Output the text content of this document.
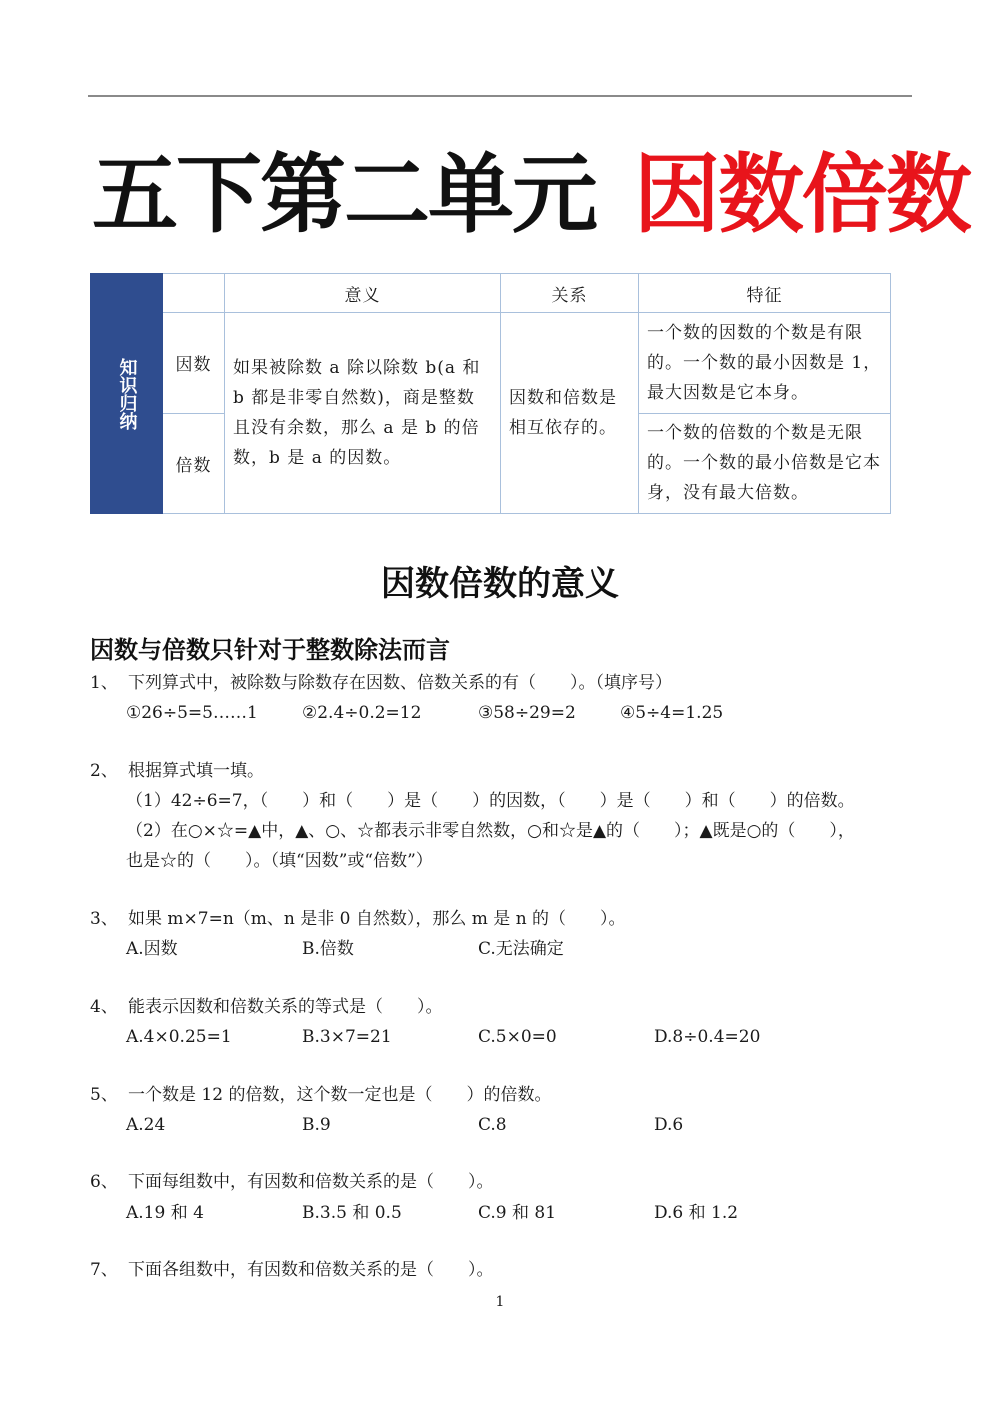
五下第二单元 因数倍数
知识归纳		意义	关系	特征
	因数	如果被除数 a 除以除数 b(a 和 b 都是非零自然数)，商是整数且没有余数，那么 a 是 b 的倍数，b 是 a 的因数。	因数和倍数是相互依存的。	一个数的因数的个数是有限的。一个数的最小因数是 1，最大因数是它本身。
	倍数			一个数的倍数的个数是无限的。一个数的最小倍数是它本身，没有最大倍数。
因数倍数的意义
因数与倍数只针对于整数除法而言
1、 下列算式中，被除数与除数存在因数、倍数关系的有（　　）。（填序号）
①26÷5=5……1	②2.4÷0.2=12	③58÷29=2	④5÷4=1.25
2、 根据算式填一填。
（1）42÷6=7，（　　）和（　　）是（　　）的因数，（　　）是（　　）和（　　）的倍数。
（2）在○×☆=▲中，▲、○、☆都表示非零自然数，○和☆是▲的（　　）；▲既是○的（　　），
也是☆的（　　）。（填“因数”或“倍数”）
3、 如果 m×7=n（m、n 是非 0 自然数），那么 m 是 n 的（　　）。
A.因数	B.倍数	C.无法确定
4、 能表示因数和倍数关系的等式是（　　）。
A.4×0.25=1	B.3×7=21	C.5×0=0	D.8÷0.4=20
5、 一个数是 12 的倍数，这个数一定也是（　　）的倍数。
A.24	B.9	C.8	D.6
6、 下面每组数中，有因数和倍数关系的是（　　）。
A.19 和 4	B.3.5 和 0.5	C.9 和 81	D.6 和 1.2
7、 下面各组数中，有因数和倍数关系的是（　　）。
1
